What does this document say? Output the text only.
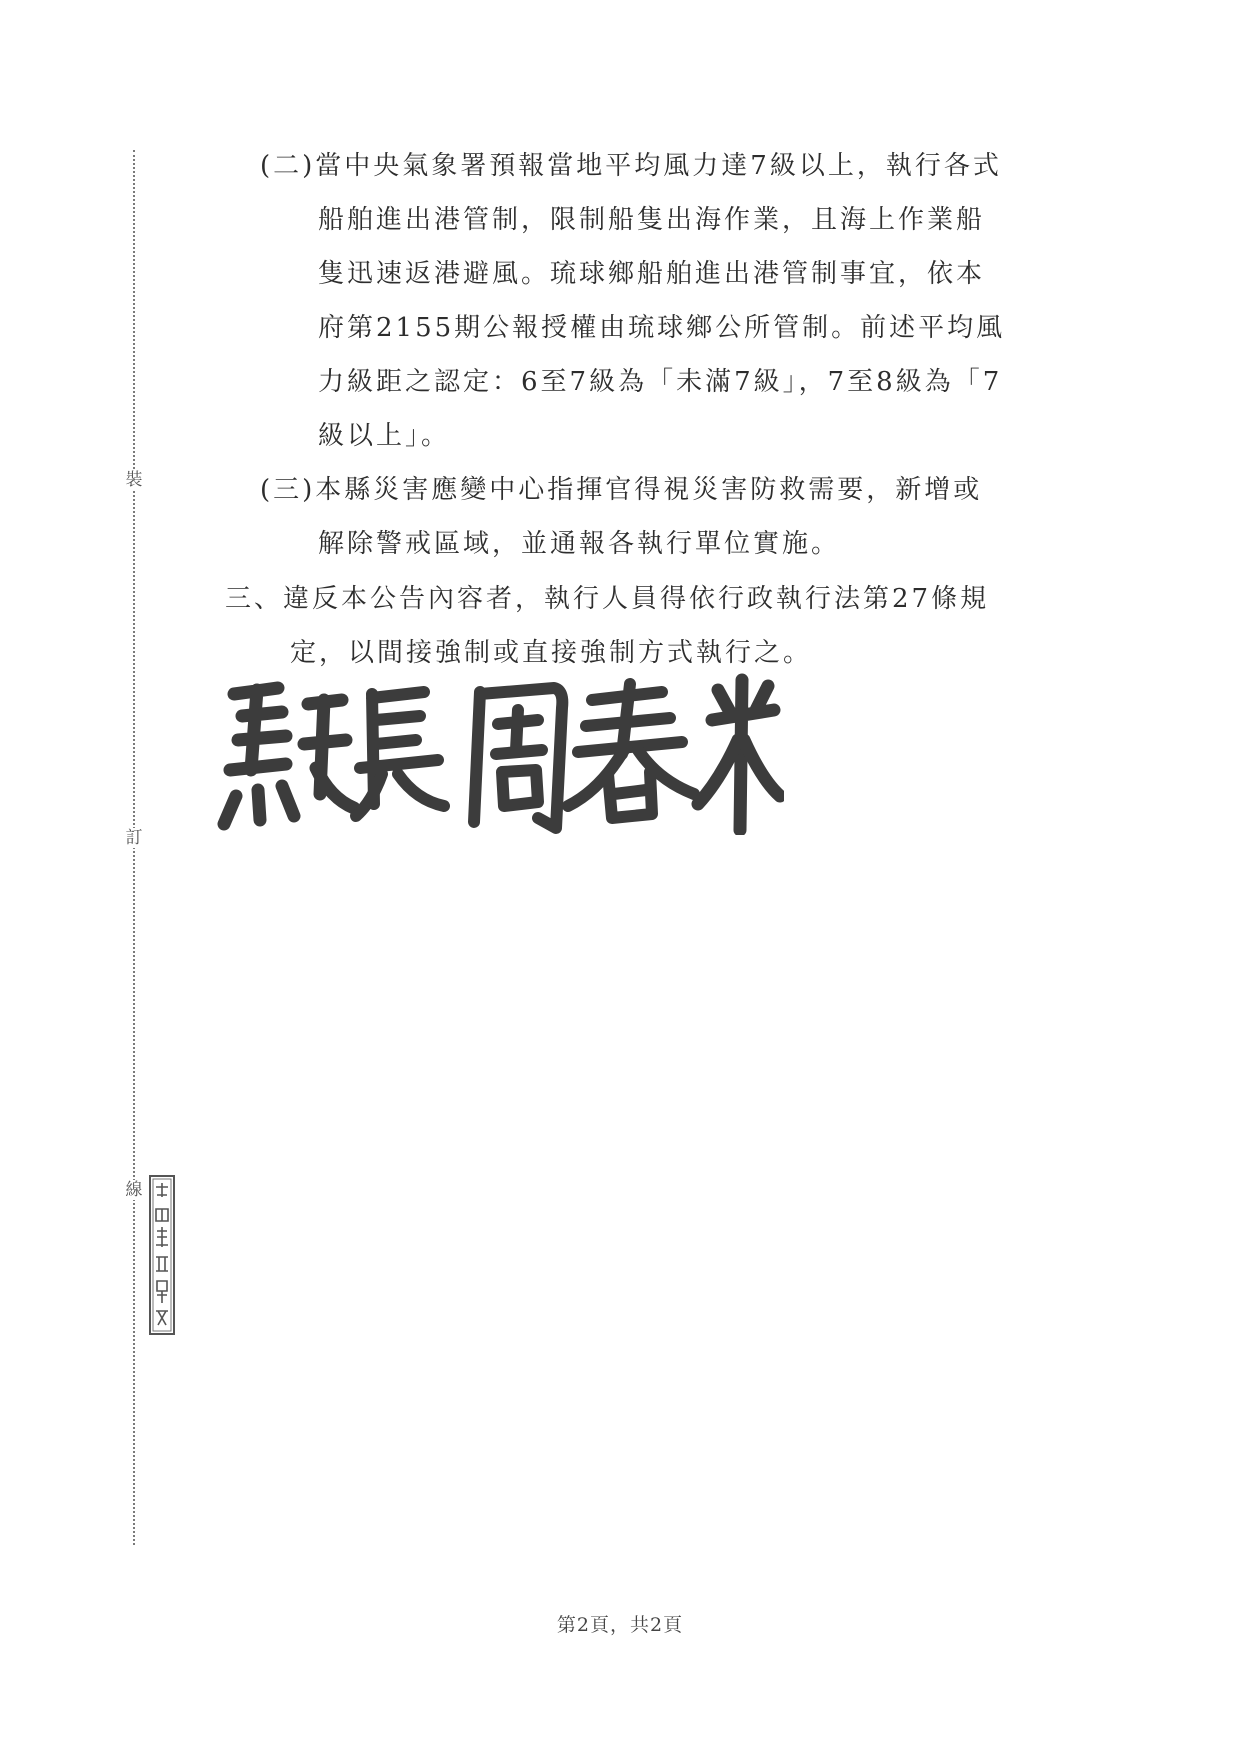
裝
訂
線
(二)當中央氣象署預報當地平均風力達7級以上，執行各式
船舶進出港管制，限制船隻出海作業，且海上作業船
隻迅速返港避風。琉球鄉船舶進出港管制事宜，依本
府第2155期公報授權由琉球鄉公所管制。前述平均風
力級距之認定：6至7級為「未滿7級」，7至8級為「7
級以上」。
(三)本縣災害應變中心指揮官得視災害防救需要，新增或
解除警戒區域，並通報各執行單位實施。
三、違反本公告內容者，執行人員得依行政執行法第27條規
定，以間接強制或直接強制方式執行之。
第2頁，共2頁
